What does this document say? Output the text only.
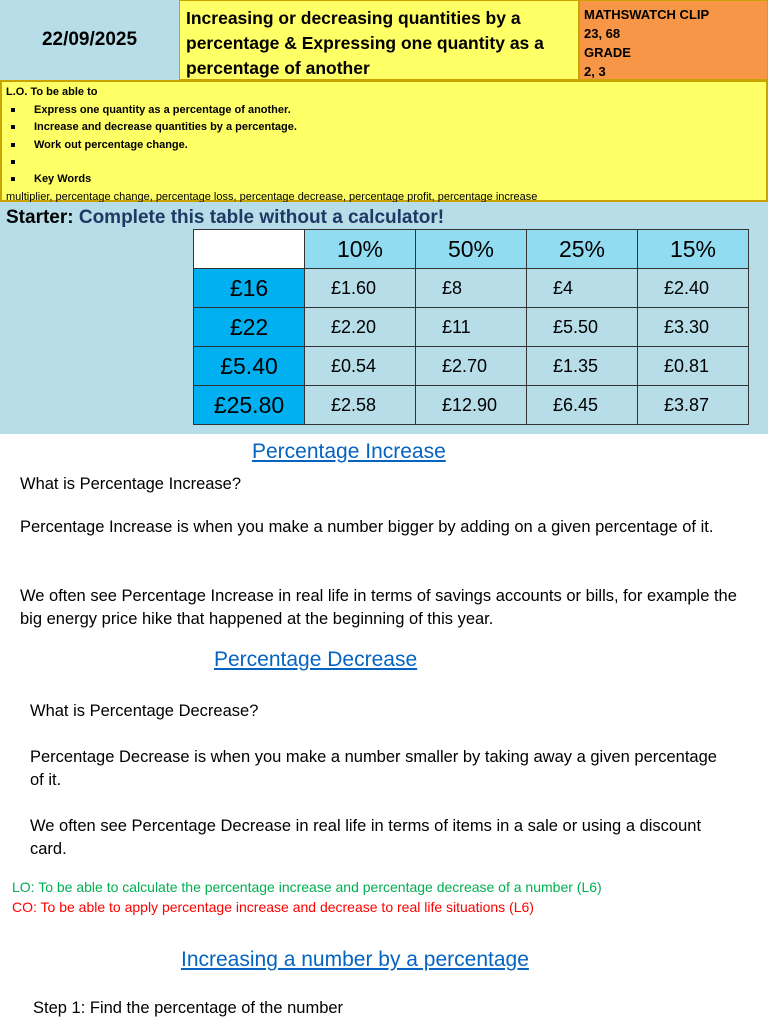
22/09/2025
Increasing or decreasing quantities by a
percentage & Expressing one quantity as a
percentage of another
MATHSWATCH CLIP
23, 68
GRADE
2, 3
L.O. To be able to
Express one quantity as a percentage of another.
Increase and decrease quantities by a percentage.
Work out percentage change.
Key Words
multiplier, percentage change, percentage loss, percentage decrease, percentage profit, percentage increase
Starter: Complete this table without a calculator!
	10%	50%	25%	15%
£16	£1.60	£8	£4	£2.40
£22	£2.20	£11	£5.50	£3.30
£5.40	£0.54	£2.70	£1.35	£0.81
£25.80	£2.58	£12.90	£6.45	£3.87
Percentage Increase

What is Percentage Increase?

Percentage Increase is when you make a number bigger by adding on a given percentage of it.

We often see Percentage Increase in real life in terms of savings accounts or bills, for example the big energy price hike that happened at the beginning of this year.

Percentage Decrease

What is Percentage Decrease?

Percentage Decrease is when you make a number smaller by taking away a given percentage of it.

We often see Percentage Decrease in real life in terms of items in a sale or using a discount card.

LO: To be able to calculate the percentage increase and percentage decrease of a number (L6)
CO: To be able to apply percentage increase and decrease to real life situations (L6)
Increasing a number by a percentage

Step 1: Find the percentage of the number
